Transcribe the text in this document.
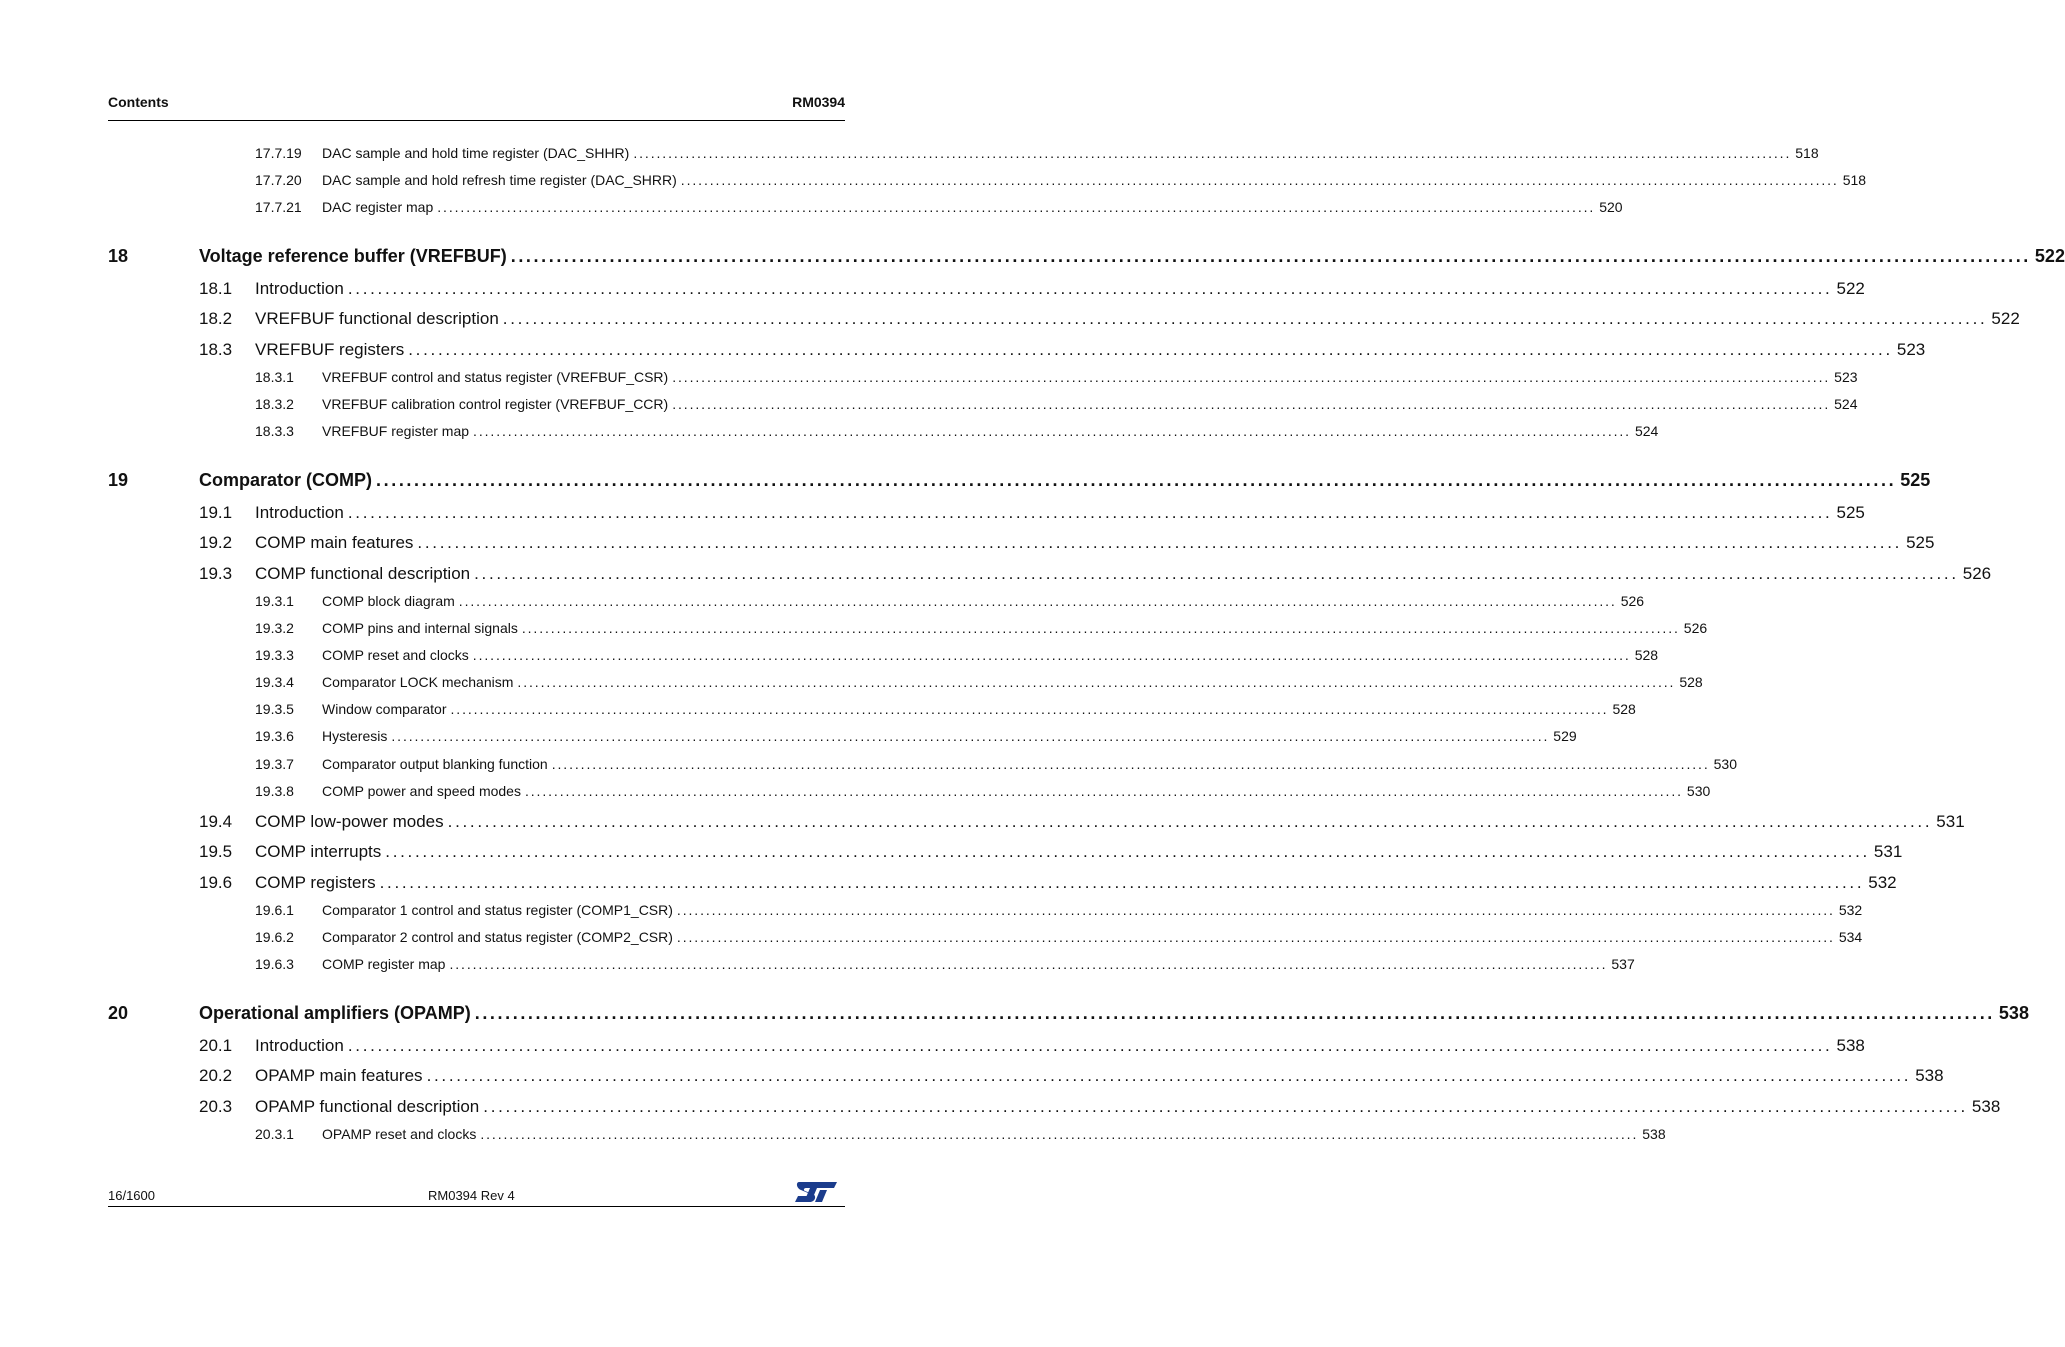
Contents	RM0394
17.7.19	DAC sample and hold time register (DAC_SHHR) ........................................................................................................................................................................................................ 518
17.7.20	DAC sample and hold refresh time register (DAC_SHRR) ........................................................................................................................................................................................................ 518
17.7.21	DAC register map ........................................................................................................................................................................................................ 520
18	Voltage reference buffer (VREFBUF) ........................................................................................................................................................................................................ 522
18.1	Introduction ........................................................................................................................................................................................................ 522
18.2	VREFBUF functional description ........................................................................................................................................................................................................ 522
18.3	VREFBUF registers ........................................................................................................................................................................................................ 523
18.3.1	VREFBUF control and status register (VREFBUF_CSR) ........................................................................................................................................................................................................ 523
18.3.2	VREFBUF calibration control register (VREFBUF_CCR) ........................................................................................................................................................................................................ 524
18.3.3	VREFBUF register map ........................................................................................................................................................................................................ 524
19	Comparator (COMP) ........................................................................................................................................................................................................ 525
19.1	Introduction ........................................................................................................................................................................................................ 525
19.2	COMP main features ........................................................................................................................................................................................................ 525
19.3	COMP functional description ........................................................................................................................................................................................................ 526
19.3.1	COMP block diagram ........................................................................................................................................................................................................ 526
19.3.2	COMP pins and internal signals ........................................................................................................................................................................................................ 526
19.3.3	COMP reset and clocks ........................................................................................................................................................................................................ 528
19.3.4	Comparator LOCK mechanism ........................................................................................................................................................................................................ 528
19.3.5	Window comparator ........................................................................................................................................................................................................ 528
19.3.6	Hysteresis ........................................................................................................................................................................................................ 529
19.3.7	Comparator output blanking function ........................................................................................................................................................................................................ 530
19.3.8	COMP power and speed modes ........................................................................................................................................................................................................ 530
19.4	COMP low-power modes ........................................................................................................................................................................................................ 531
19.5	COMP interrupts ........................................................................................................................................................................................................ 531
19.6	COMP registers ........................................................................................................................................................................................................ 532
19.6.1	Comparator 1 control and status register (COMP1_CSR) ........................................................................................................................................................................................................ 532
19.6.2	Comparator 2 control and status register (COMP2_CSR) ........................................................................................................................................................................................................ 534
19.6.3	COMP register map ........................................................................................................................................................................................................ 537
20	Operational amplifiers (OPAMP) ........................................................................................................................................................................................................ 538
20.1	Introduction ........................................................................................................................................................................................................ 538
20.2	OPAMP main features ........................................................................................................................................................................................................ 538
20.3	OPAMP functional description ........................................................................................................................................................................................................ 538
20.3.1	OPAMP reset and clocks ........................................................................................................................................................................................................ 538
16/1600	RM0394 Rev 4
